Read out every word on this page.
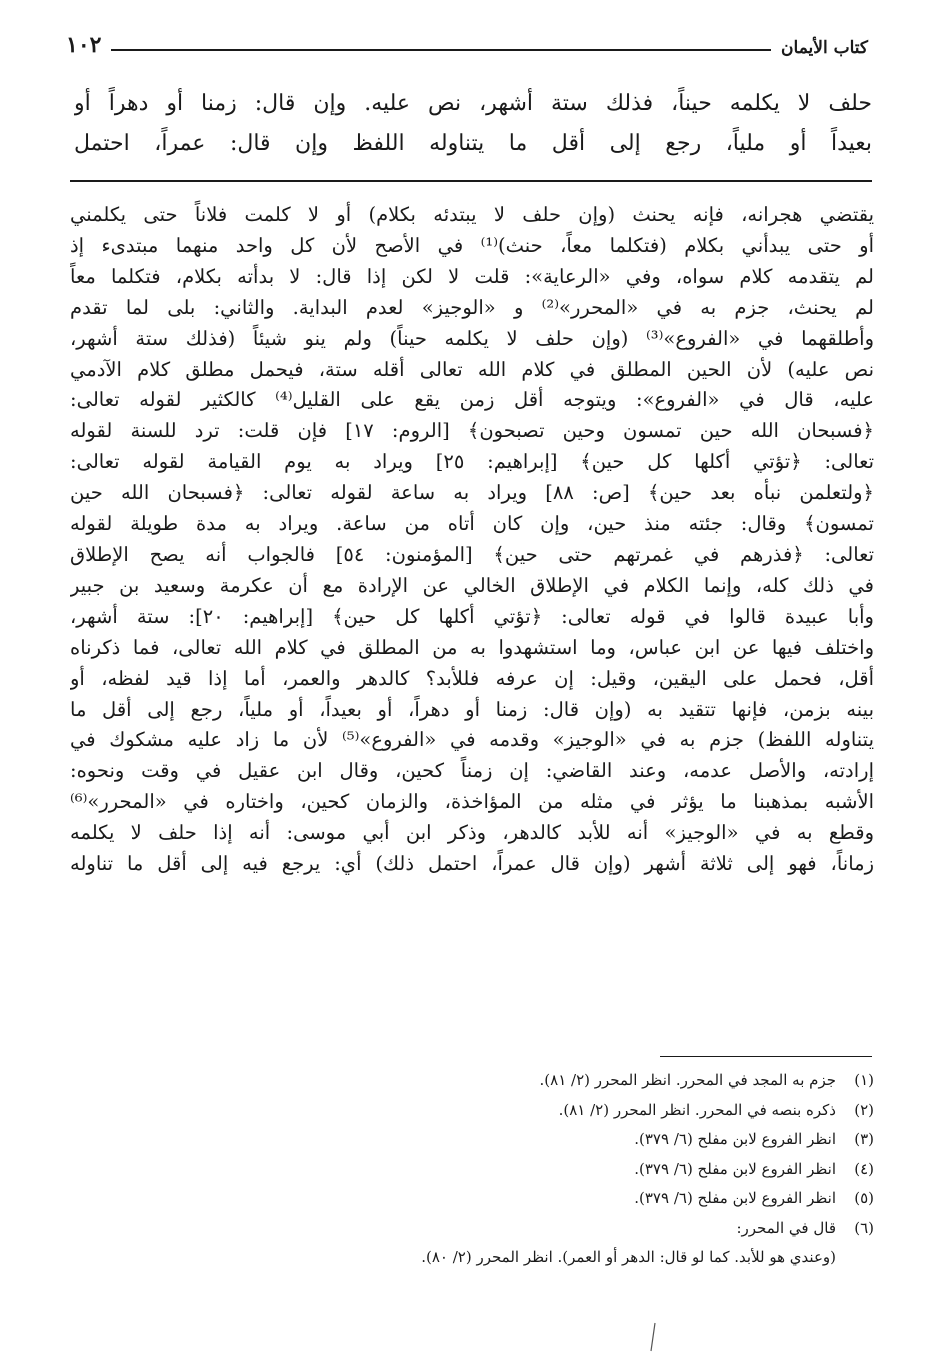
١٠٢	كتاب الأيمان
حلف لا يكلمه حيناً، فذلك ستة أشهر، نص عليه. وإن قال: زمنا أو دهراً أو
بعيداً أو ملياً، رجع إلى أقل ما يتناوله اللفظ وإن قال: عمراً، احتمل
يقتضي هجرانه، فإنه يحنث (وإن حلف لا يبتدئه بكلام) أو لا كلمت فلاناً حتى يكلمني
أو حتى يبدأني بكلام (فتكلما معاً، حنث)⁽¹⁾ في الأصح لأن كل واحد منهما مبتدىء إذ
لم يتقدمه كلام سواه، وفي «الرعاية»: قلت لا لكن إذا قال: لا بدأته بكلام، فتكلما معاً
لم يحنث، جزم به في «المحرر»⁽²⁾ و «الوجيز» لعدم البداية. والثاني: بلى لما تقدم
وأطلقهما في «الفروع»⁽³⁾ (وإن حلف لا يكلمه حيناً) ولم ينو شيئاً (فذلك ستة أشهر،
نص عليه) لأن الحين المطلق في كلام الله تعالى أقله ستة، فيحمل مطلق كلام الآدمي
عليه، قال في «الفروع»: ويتوجه أقل زمن يقع على القليل⁽⁴⁾ كالكثير لقوله تعالى:
﴿فسبحان الله حين تمسون وحين تصبحون﴾ [الروم: ١٧] فإن قلت: ترد للسنة لقوله
تعالى: ﴿تؤتي أكلها كل حين﴾ [إبراهيم: ٢٥] ويراد به يوم القيامة لقوله تعالى:
﴿ولتعلمن نبأه بعد حين﴾ [ص: ٨٨] ويراد به ساعة لقوله تعالى: ﴿فسبحان الله حين
تمسون﴾ وقال: جئته منذ حين، وإن كان أتاه من ساعة. ويراد به مدة طويلة لقوله
تعالى: ﴿فذرهم في غمرتهم حتى حين﴾ [المؤمنون: ٥٤] فالجواب أنه يصح الإطلاق
في ذلك كله، وإنما الكلام في الإطلاق الخالي عن الإرادة مع أن عكرمة وسعيد بن جبير
وأبا عبيدة قالوا في قوله تعالى: ﴿تؤتي أكلها كل حين﴾ [إبراهيم: ٢٠]: ستة أشهر،
واختلف فيها عن ابن عباس، وما استشهدوا به من المطلق في كلام الله تعالى، فما ذكرناه
أقل، فحمل على اليقين، وقيل: إن عرفه فللأبد؟ كالدهر والعمر، أما إذا قيد لفظه، أو
بينه بزمن، فإنها تتقيد به (وإن قال: زمنا أو دهراً، أو بعيداً، أو ملياً، رجع إلى أقل ما
يتناوله اللفظ) جزم به في «الوجيز» وقدمه في «الفروع»⁽⁵⁾ لأن ما زاد عليه مشكوك في
إرادته، والأصل عدمه، وعند القاضي: إن زمناً كحين، وقال ابن عقيل في وقت ونحوه:
الأشبه بمذهبنا ما يؤثر في مثله من المؤاخذة، والزمان كحين، واختاره في «المحرر»⁽⁶⁾
وقطع به في «الوجيز» أنه للأبد كالدهر، وذكر ابن أبي موسى: أنه إذا حلف لا يكلمه
زماناً، فهو إلى ثلاثة أشهر (وإن قال عمراً، احتمل ذلك) أي: يرجع فيه إلى أقل ما تناوله
(١)جزم به المجد في المحرر. انظر المحرر (٢/ ٨١).
(٢)ذكره بنصه في المحرر. انظر المحرر (٢/ ٨١).
(٣)انظر الفروع لابن مفلح (٦/ ٣٧٩).
(٤)انظر الفروع لابن مفلح (٦/ ٣٧٩).
(٥)انظر الفروع لابن مفلح (٦/ ٣٧٩).
(٦)قال في المحرر:
(وعندي هو للأبد. كما لو قال: الدهر أو العمر). انظر المحرر (٢/ ٨٠).
